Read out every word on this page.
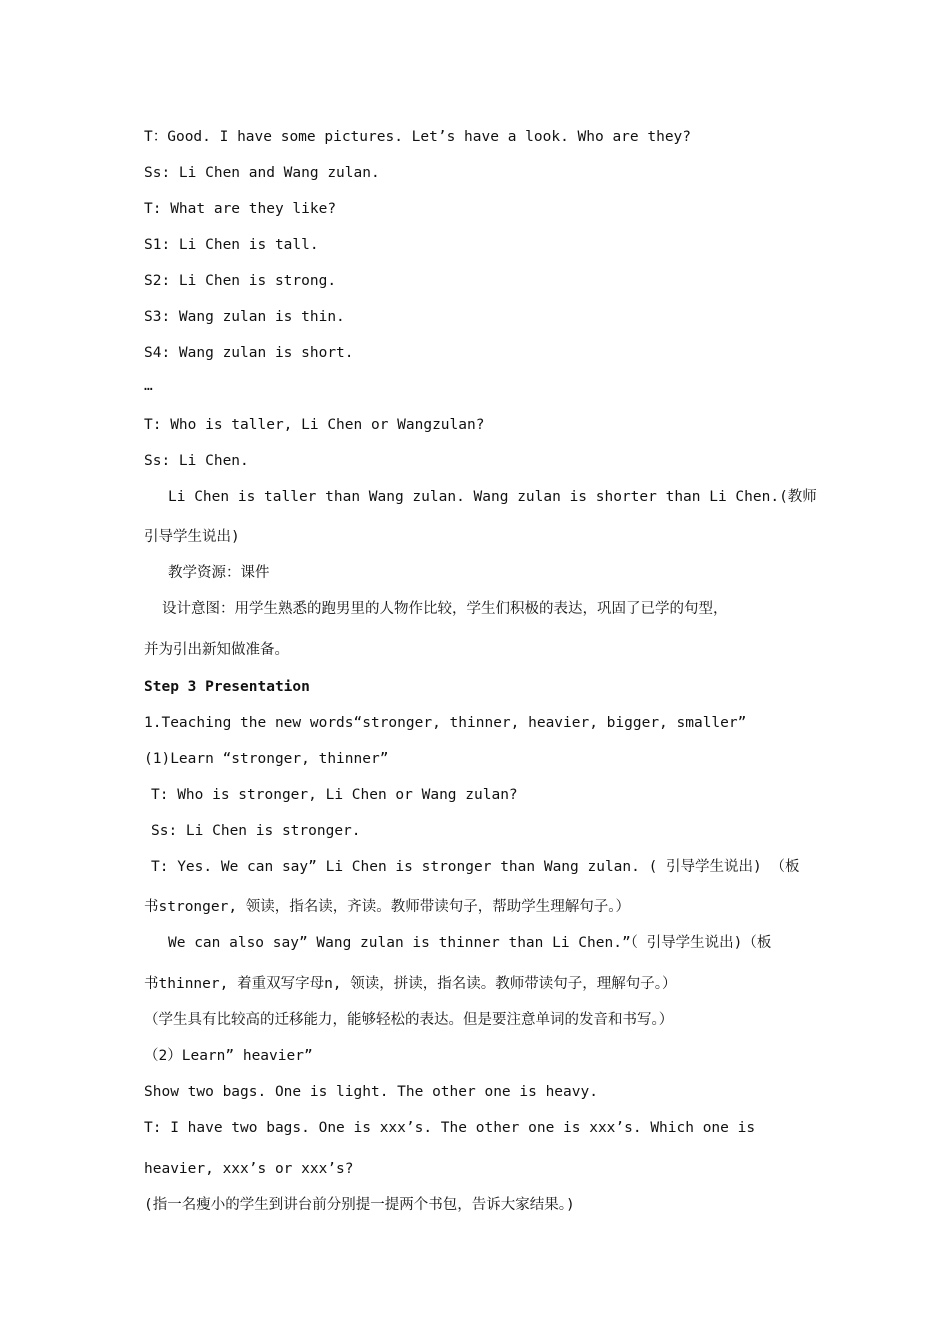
T：Good. I have some pictures. Let’s have a look. Who are they?
Ss: Li Chen and Wang zulan.
T: What are they like?
S1: Li Chen is tall.
S2: Li Chen is strong.
S3: Wang zulan is thin.
S4: Wang zulan is short.
…
T: Who is taller, Li Chen or Wangzulan?
Ss: Li Chen.
Li Chen is taller than Wang zulan. Wang zulan is shorter than Li Chen.(教师
引导学生说出)
教学资源：课件
设计意图：用学生熟悉的跑男里的人物作比较，学生们积极的表达，巩固了已学的句型，
并为引出新知做准备。
Step 3 Presentation
1.Teaching the new words“stronger, thinner, heavier, bigger, smaller”
(1)Learn “stronger, thinner”
T: Who is stronger, Li Chen or Wang zulan?
Ss: Li Chen is stronger.
T: Yes. We can say” Li Chen is stronger than Wang zulan. ( 引导学生说出) （板
书stronger, 领读，指名读，齐读。教师带读句子，帮助学生理解句子。）
We can also say” Wang zulan is thinner than Li Chen.”（ 引导学生说出)（板
书thinner, 着重双写字母n, 领读，拼读，指名读。教师带读句子，理解句子。）
（学生具有比较高的迁移能力，能够轻松的表达。但是要注意单词的发音和书写。）
（2）Learn” heavier”
Show two bags. One is light. The other one is heavy.
T: I have two bags. One is xxx’s. The other one is xxx’s. Which one is
heavier, xxx’s or xxx’s?
(指一名瘦小的学生到讲台前分别提一提两个书包，告诉大家结果。)
